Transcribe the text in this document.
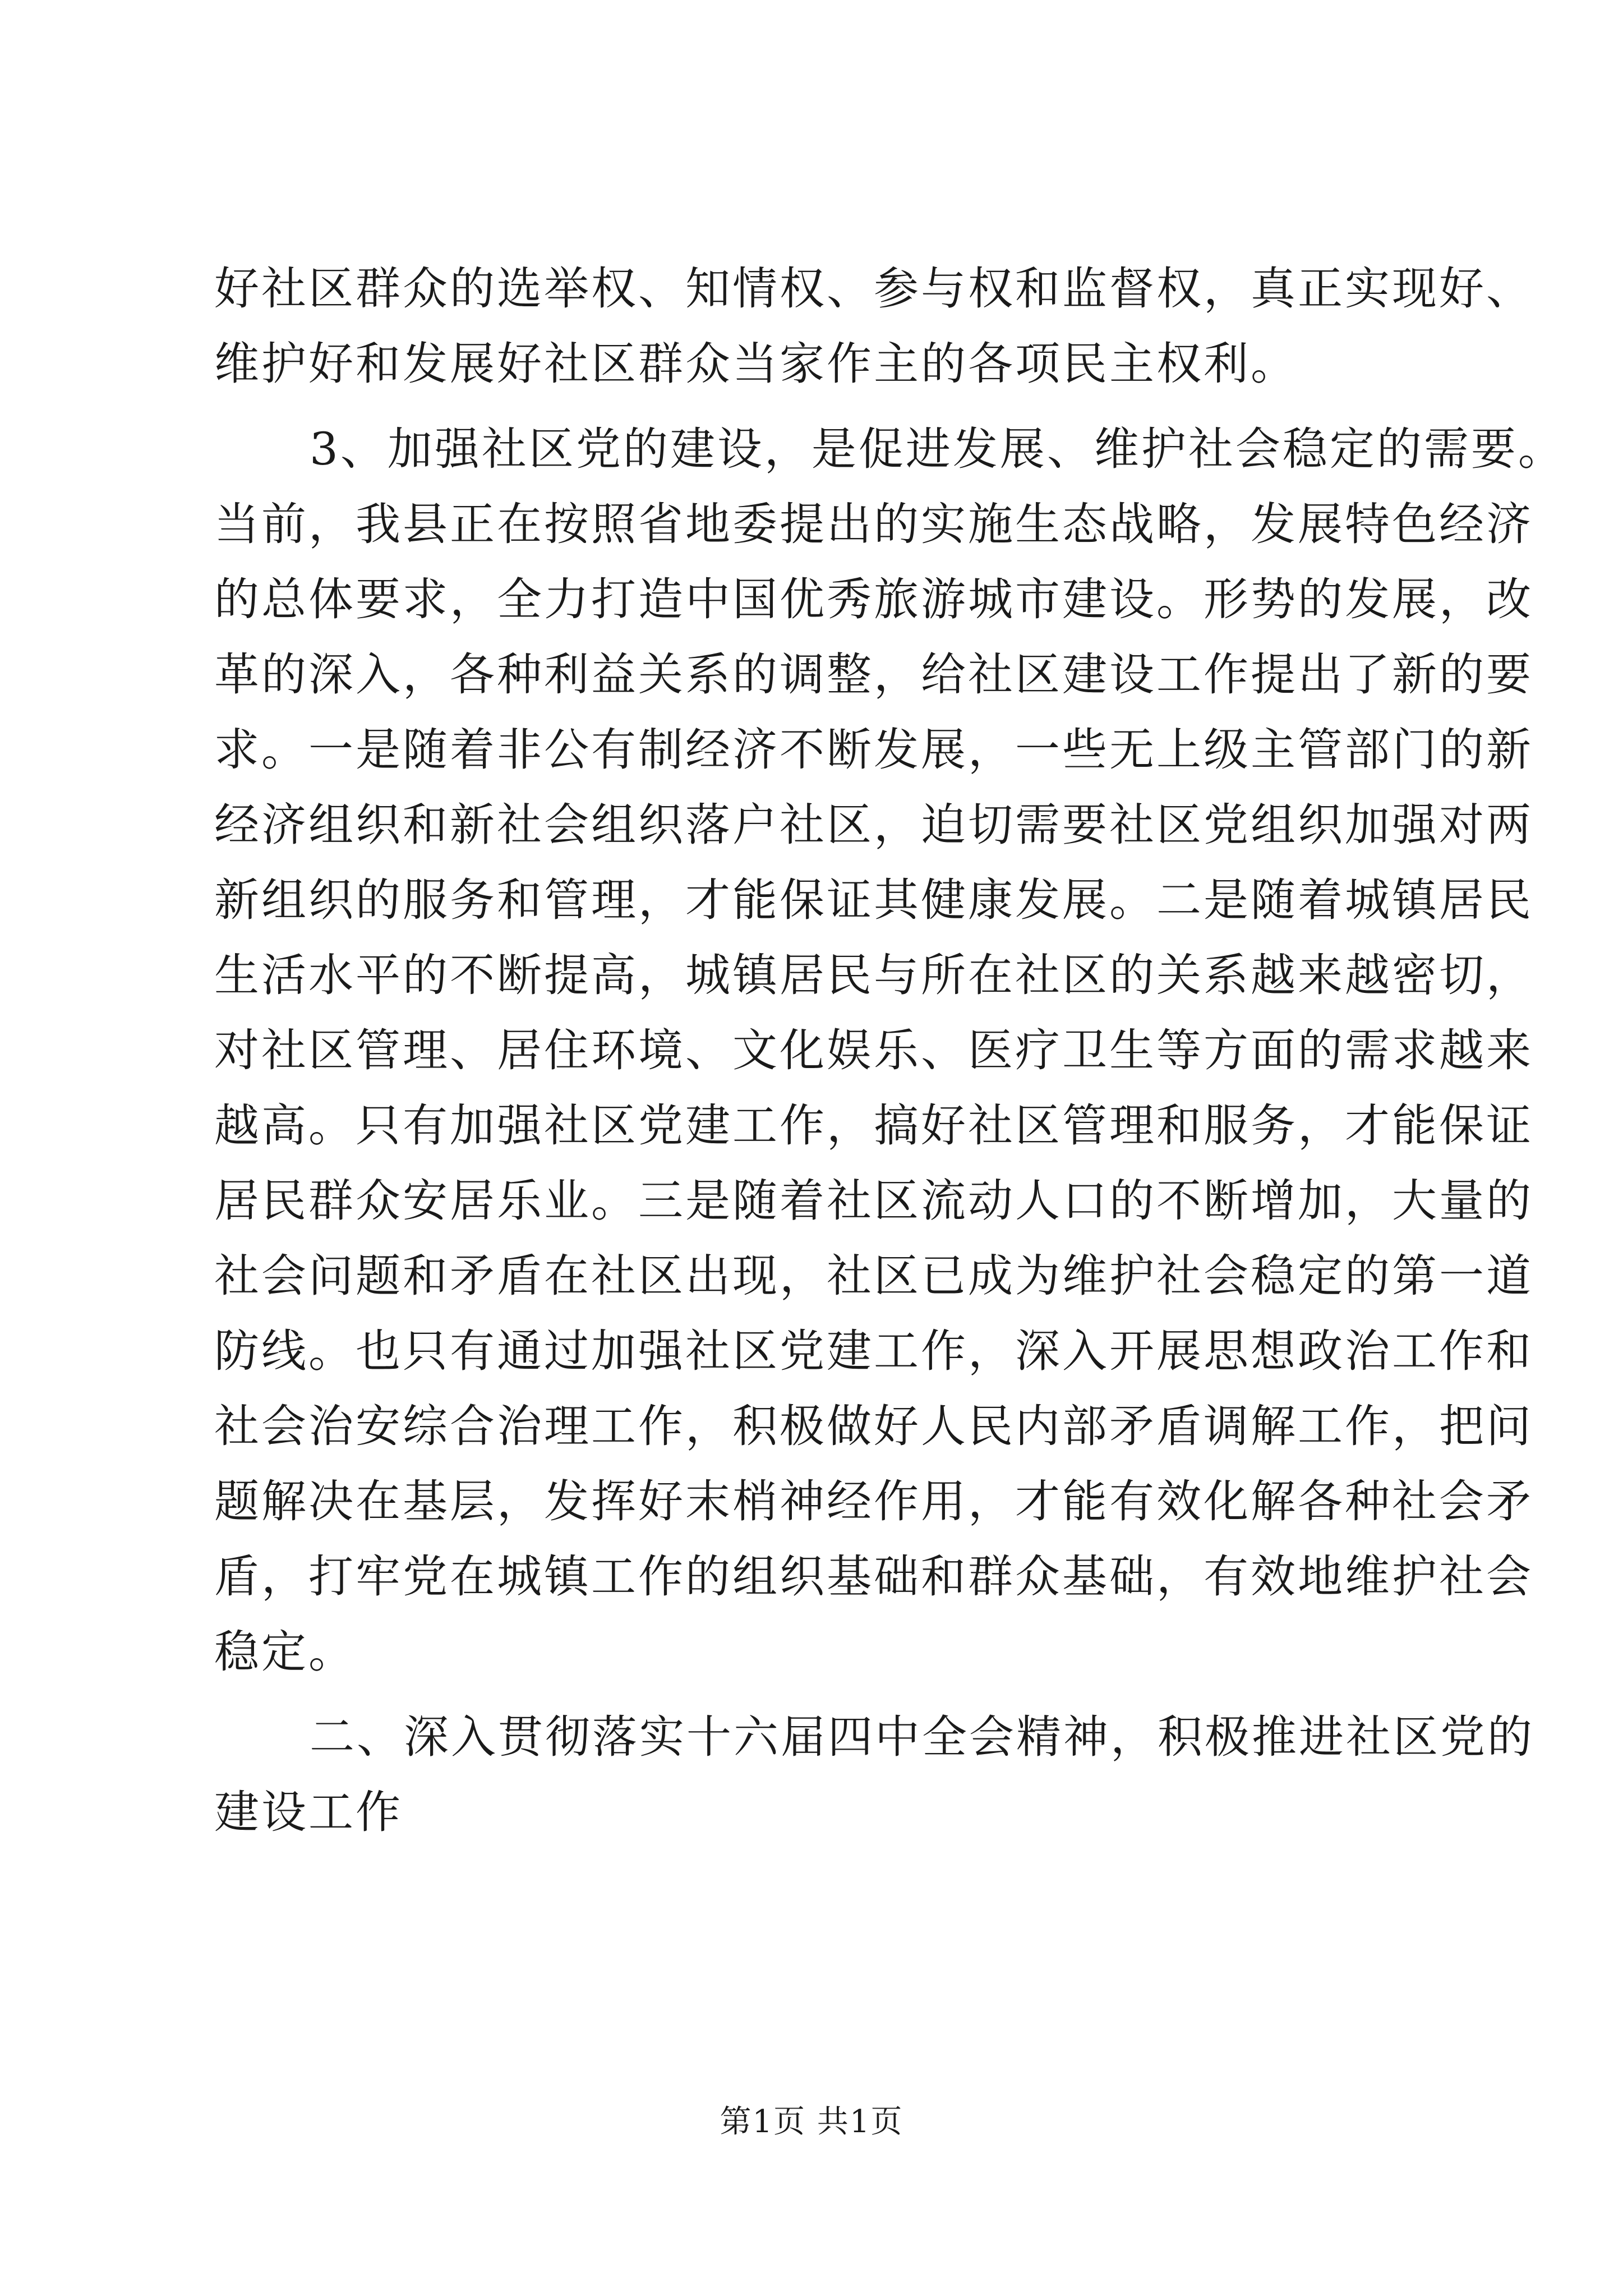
好社区群众的选举权、知情权、参与权和监督权，真正实现好、
维护好和发展好社区群众当家作主的各项民主权利。
3、加强社区党的建设，是促进发展、维护社会稳定的需要。
当前，我县正在按照省地委提出的实施生态战略，发展特色经济
的总体要求，全力打造中国优秀旅游城市建设。形势的发展，改
革的深入，各种利益关系的调整，给社区建设工作提出了新的要
求。一是随着非公有制经济不断发展，一些无上级主管部门的新
经济组织和新社会组织落户社区，迫切需要社区党组织加强对两
新组织的服务和管理，才能保证其健康发展。二是随着城镇居民
生活水平的不断提高，城镇居民与所在社区的关系越来越密切，
对社区管理、居住环境、文化娱乐、医疗卫生等方面的需求越来
越高。只有加强社区党建工作，搞好社区管理和服务，才能保证
居民群众安居乐业。三是随着社区流动人口的不断增加，大量的
社会问题和矛盾在社区出现，社区已成为维护社会稳定的第一道
防线。也只有通过加强社区党建工作，深入开展思想政治工作和
社会治安综合治理工作，积极做好人民内部矛盾调解工作，把问
题解决在基层，发挥好末梢神经作用，才能有效化解各种社会矛
盾，打牢党在城镇工作的组织基础和群众基础，有效地维护社会
稳定。
二、深入贯彻落实十六届四中全会精神，积极推进社区党的
建设工作
第1页 共1页
